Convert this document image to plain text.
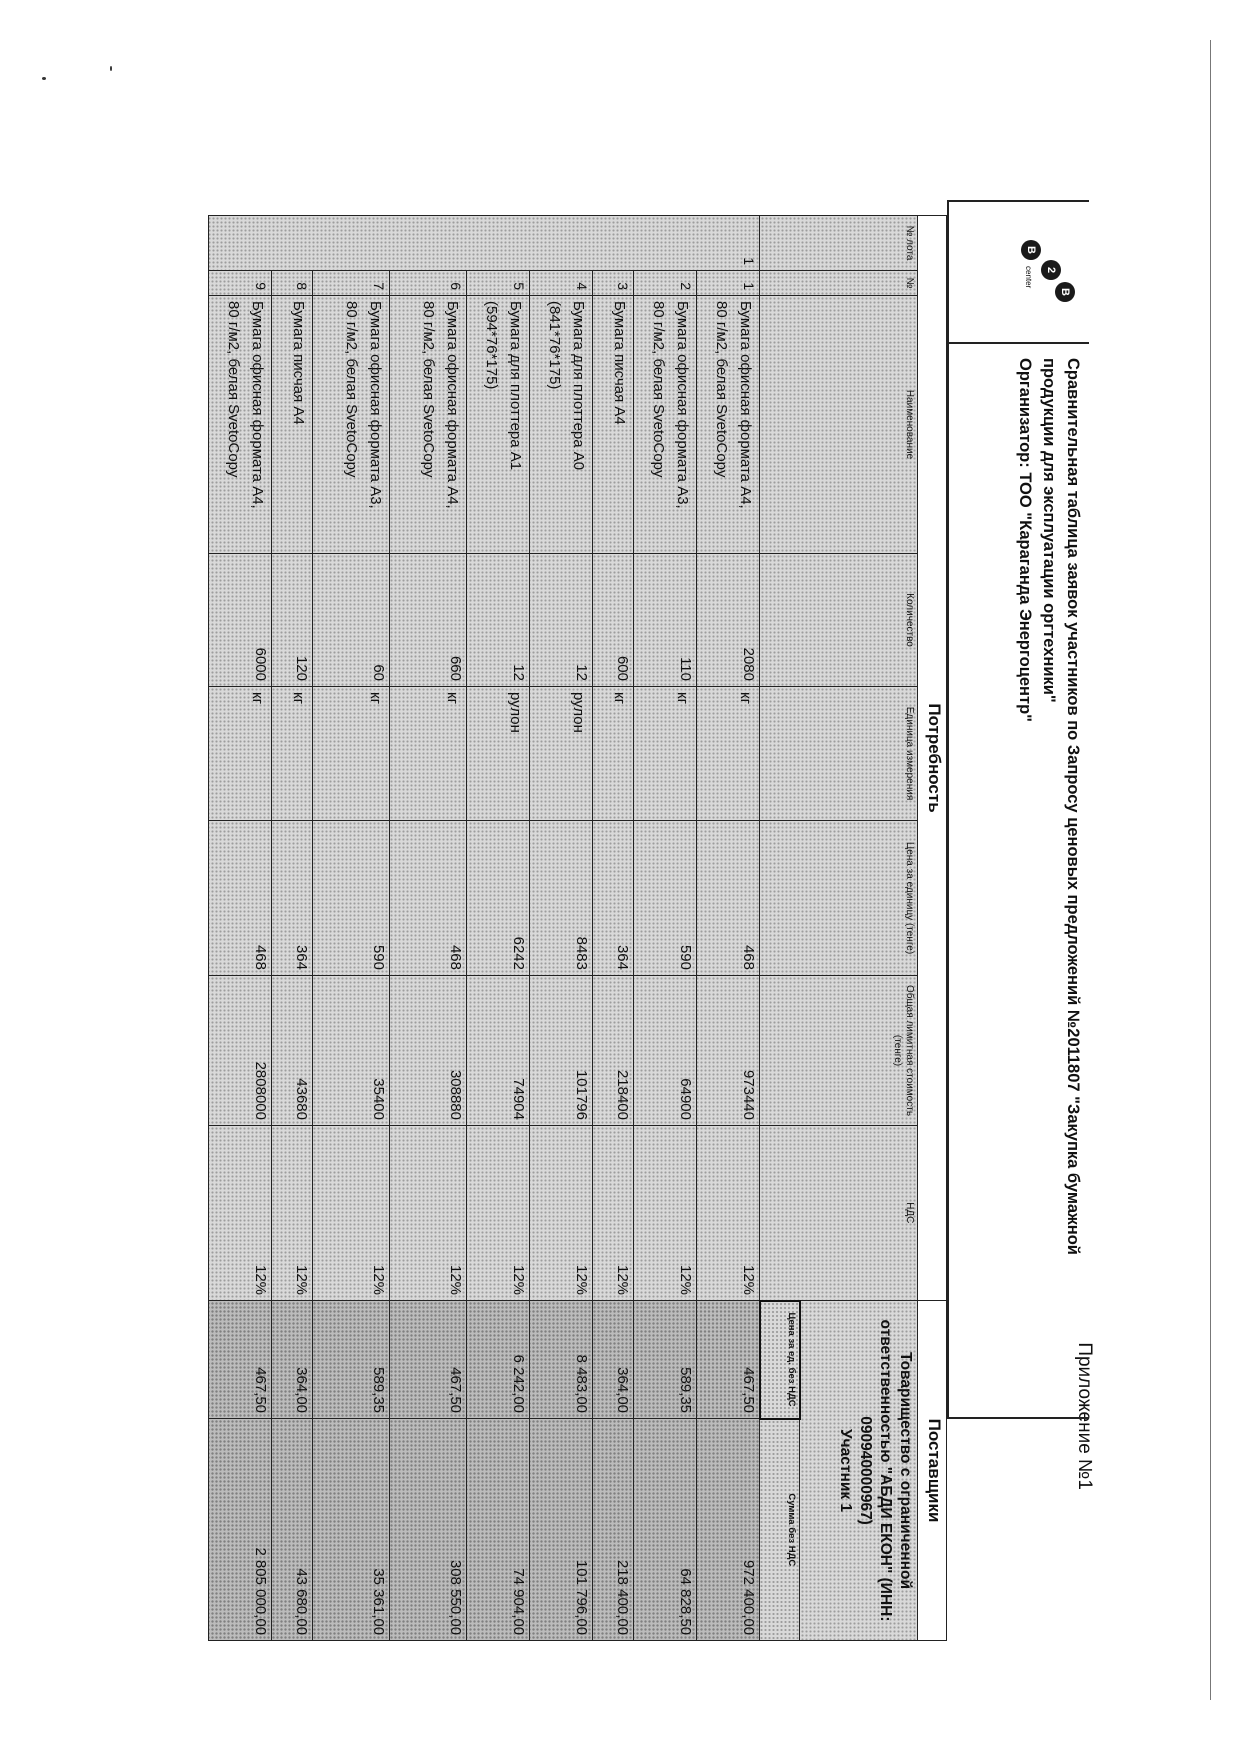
Приложение №1
B
2
B
center
Сравнительная таблица заявок участников по Запросу ценовых предложений №2011807 "Закупка бумажной
продукции для эксплуатации оргтехники"
Организатор: ТОО "Караганда Энергоцентр"
Потребность								Поставщики	
№ лота	№	Наименование	Количество	Единица измерения	Цена за единицу (тенге)	Общая лимитная стоимость (тенге)	НДС	Товарищество с ограниченной ответственностью "АБДИ ЕКОН" (ИНН: 090940000967)
Участник 1	

								Цена за ед. без НДС	Сумма без НДС
1	1	Бумага офисная формата А4,
80 г/м2, белая SvetoCopy	2080	кг	468	973440	12%	467,50	972 400,00
	2	Бумага офисная формата А3,
80 г/м2, белая SvetoCopy	110	кг	590	64900	12%	589,35	64 828,50
	3	Бумага писчая А4	600	кг	364	218400	12%	364,00	218 400,00
	4	Бумага для плоттера А0
(841*76*175)	12	рулон	8483	101796	12%	8 483,00	101 796,00
	5	Бумага для плоттера А1
(594*76*175)	12	рулон	6242	74904	12%	6 242,00	74 904,00
	6	Бумага офисная формата А4,
80 г/м2, белая SvetoCopy	660	кг	468	308880	12%	467,50	308 550,00
	7	Бумага офисная формата А3,
80 г/м2, белая SvetoCopy	60	кг	590	35400	12%	589,35	35 361,00
	8	Бумага писчая А4	120	кг	364	43680	12%	364,00	43 680,00
	9	Бумага офисная формата А4,
80 г/м2, белая SvetoCopy	6000	кг	468	2808000	12%	467,50	2 805 000,00
